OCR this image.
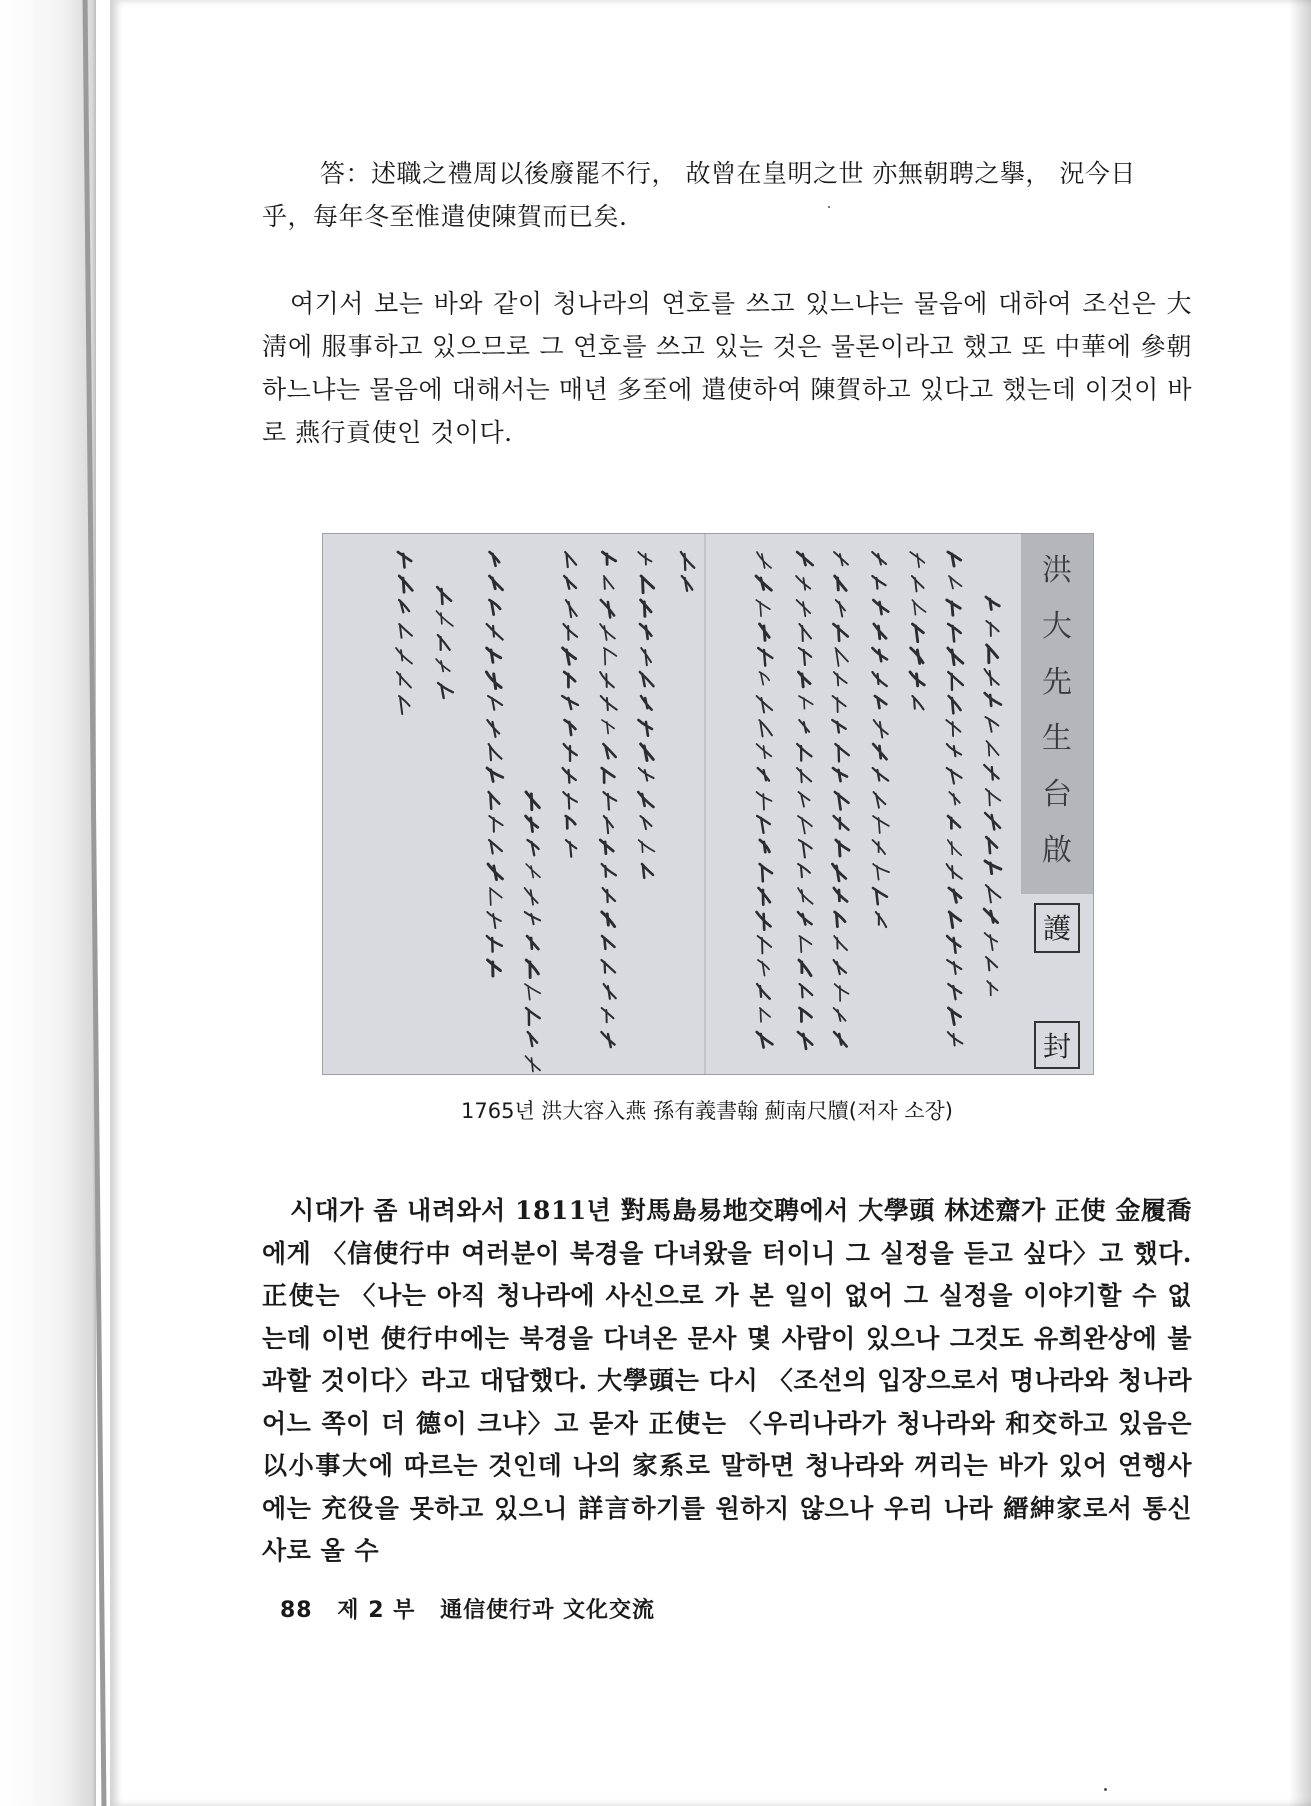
答：述職之禮周以後廢罷不行， 故曾在皇明之世 亦無朝聘之擧， 況今日
乎，每年冬至惟遣使陳賀而已矣.
여기서 보는 바와 같이 청나라의 연호를 쓰고 있느냐는 물음에 대하여 조선은 大淸에 服事하고 있으므로 그 연호를 쓰고 있는 것은 물론이라고 했고 또 中華에 參朝하느냐는 물음에 대해서는 매년 多至에 遣使하여 陳賀하고 있다고 했는데 이것이 바로 燕行貢使인 것이다.
洪
大
先
生
台
啟
護
封
1765년 洪大容入燕 孫有義書翰 薊南尺牘(저자 소장)
시대가 좀 내려와서 1811년 對馬島易地交聘에서 大學頭 林述齋가 正使 金履喬에게 〈信使行中 여러분이 북경을 다녀왔을 터이니 그 실정을 듣고 싶다〉고 했다. 正使는 〈나는 아직 청나라에 사신으로 가 본 일이 없어 그 실정을 이야기할 수 없는데 이번 使行中에는 북경을 다녀온 문사 몇 사람이 있으나 그것도 유희완상에 불과할 것이다〉라고 대답했다. 大學頭는 다시 〈조선의 입장으로서 명나라와 청나라 어느 쪽이 더 德이 크냐〉고 묻자 正使는 〈우리나라가 청나라와 和交하고 있음은 以小事大에 따르는 것인데 나의 家系로 말하면 청나라와 꺼리는 바가 있어 연행사에는 充役을 못하고 있으니 詳言하기를 원하지 않으나 우리 나라 縉紳家로서 통신사로 올 수
88 제 2 부 通信使行과 文化交流
